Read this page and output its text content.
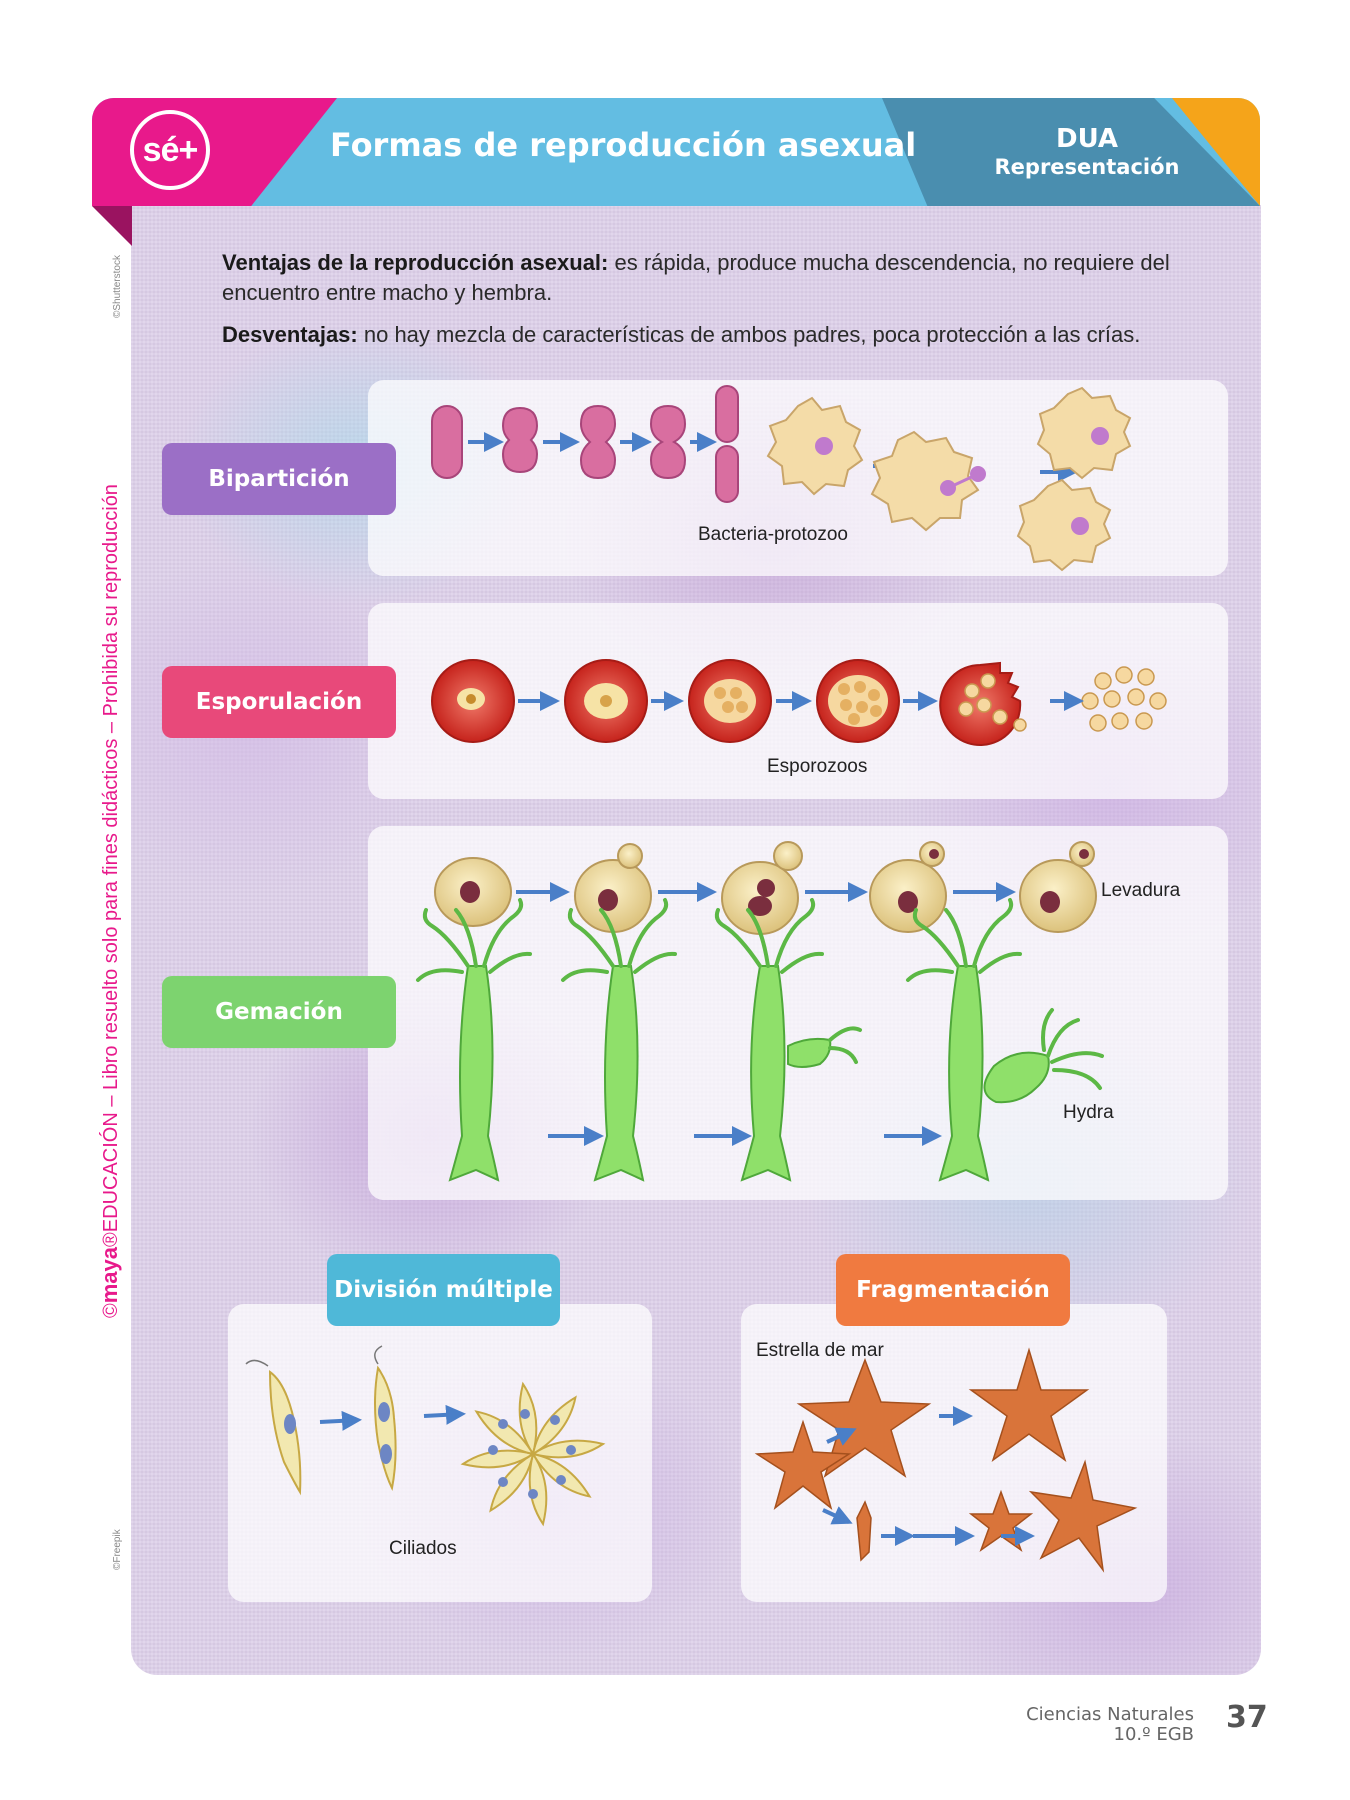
sé+	Formas de reproducción asexual	DUA
Representación
©maya®EDUCACIÓN – Libro resuelto solo para fines didácticos – Prohibida su reproducción
©Shutterstock
©Freepik

Ventajas de la reproducción asexual: es rápida, produce mucha descendencia, no requiere del encuentro entre macho y hembra.

Desventajas: no hay mezcla de características de ambos padres, poca protección a las crías.

Bipartición
Bacteria-protozoo
Esporulación
Esporozoos
Gemación
Levadura
Hydra
División múltiple
Ciliados
Fragmentación
Estrella de mar
Ciencias Naturales
10.º EGB 37
